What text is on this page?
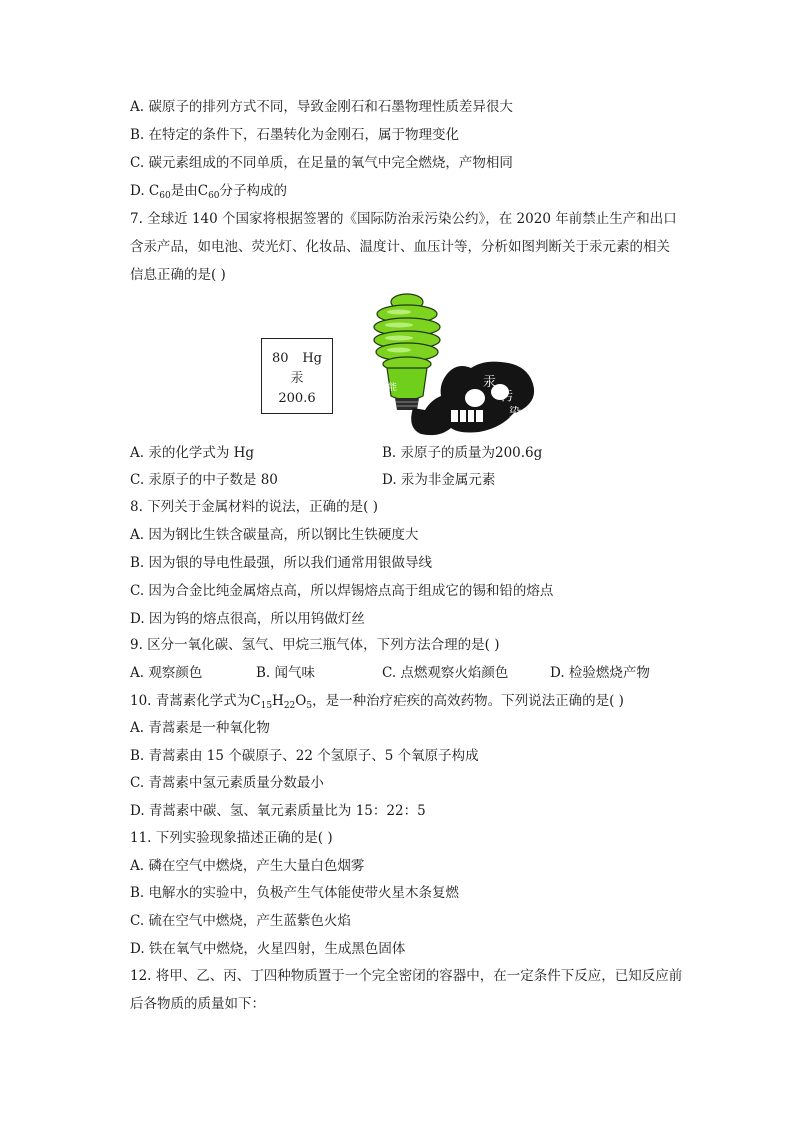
A. 碳原子的排列方式不同，导致金刚石和石墨物理性质差异很大
B. 在特定的条件下，石墨转化为金刚石，属于物理变化
C. 碳元素组成的不同单质，在足量的氧气中完全燃烧，产物相同
D. $C_{60}$是由$C_{60}$分子构成的
7. 全球近 140 个国家将根据签署的《国际防治汞污染公约》，在 2020 年前禁止生产和出口
含汞产品，如电池、荧光灯、化妆品、温度计、血压计等，分析如图判断关于汞元素的相关
信息正确的是( )
80 Hg
汞
200.6
节能	汞
污
染
A. 汞的化学式为 Hg	B. 汞原子的质量为200.6g
C. 汞原子的中子数是 80	D. 汞为非金属元素
8. 下列关于金属材料的说法，正确的是( )
A. 因为钢比生铁含碳量高，所以钢比生铁硬度大
B. 因为银的导电性最强，所以我们通常用银做导线
C. 因为合金比纯金属熔点高，所以焊锡熔点高于组成它的锡和铅的熔点
D. 因为钨的熔点很高，所以用钨做灯丝
9. 区分一氧化碳、氢气、甲烷三瓶气体，下列方法合理的是( )
A. 观察颜色	B. 闻气味	C. 点燃观察火焰颜色	D. 检验燃烧产物
10. 青蒿素化学式为$C_{15}H_{22}O_5$，是一种治疗疟疾的高效药物。下列说法正确的是( )
A. 青蒿素是一种氧化物
B. 青蒿素由 15 个碳原子、22 个氢原子、5 个氧原子构成
C. 青蒿素中氢元素质量分数最小
D. 青蒿素中碳、氢、氧元素质量比为 15：22：5
11. 下列实验现象描述正确的是( )
A. 磷在空气中燃烧，产生大量白色烟雾
B. 电解水的实验中，负极产生气体能使带火星木条复燃
C. 硫在空气中燃烧，产生蓝紫色火焰
D. 铁在氧气中燃烧，火星四射，生成黑色固体
12. 将甲、乙、丙、丁四种物质置于一个完全密闭的容器中，在一定条件下反应，已知反应前
后各物质的质量如下：
